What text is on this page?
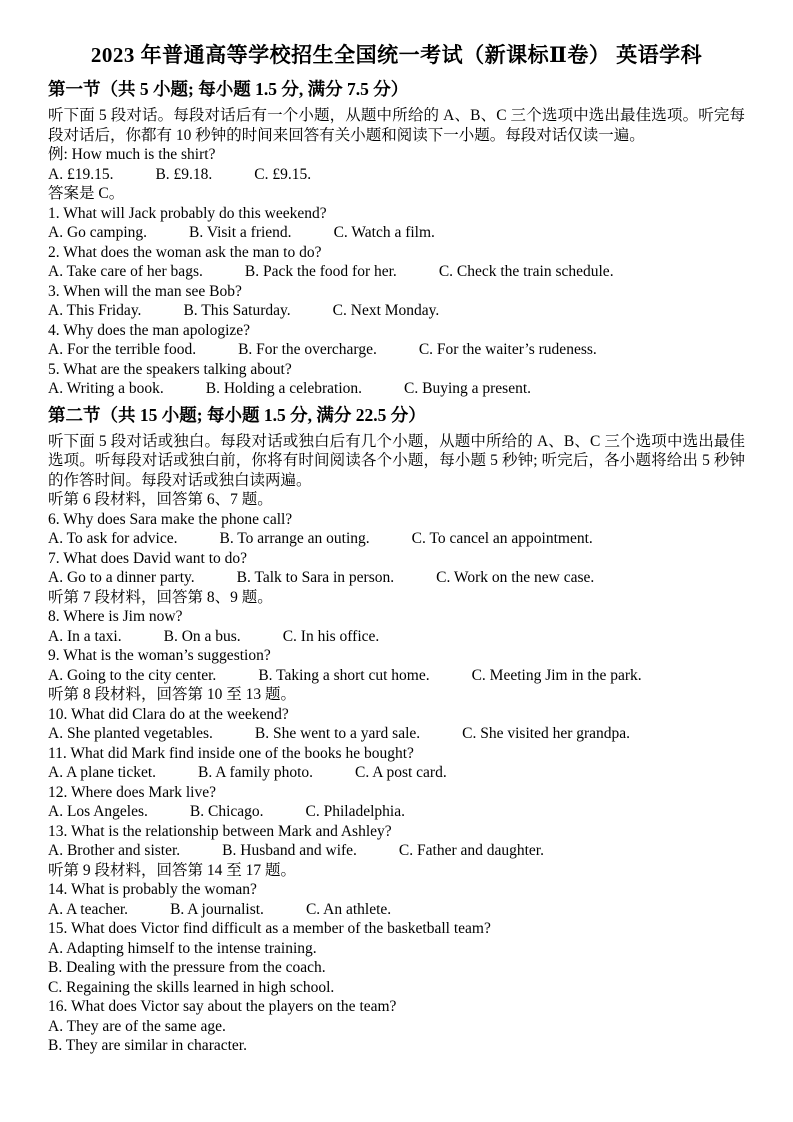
2023 年普通高等学校招生全国统一考试（新课标Ⅱ卷） 英语学科
第一节（共 5 小题; 每小题 1.5 分, 满分 7.5 分）
听下面 5 段对话。每段对话后有一个小题，从题中所给的 A、B、C 三个选项中选出最佳选项。听完每段对话后，你都有 10 秒钟的时间来回答有关小题和阅读下一小题。每段对话仅读一遍。
例: How much is the shirt?
A. £19.15.	B. £9.18.	C. £9.15.
答案是 C。
1. What will Jack probably do this weekend?
A. Go camping.	B. Visit a friend.	C. Watch a film.
2. What does the woman ask the man to do?
A. Take care of her bags.	B. Pack the food for her.	C. Check the train schedule.
3. When will the man see Bob?
A. This Friday.	B. This Saturday.	C. Next Monday.
4. Why does the man apologize?
A. For the terrible food.	B. For the overcharge.	C. For the waiter’s rudeness.
5. What are the speakers talking about?
A. Writing a book.	B. Holding a celebration.	C. Buying a present.
第二节（共 15 小题; 每小题 1.5 分, 满分 22.5 分）
听下面 5 段对话或独白。每段对话或独白后有几个小题，从题中所给的 A、B、C 三个选项中选出最佳选项。听每段对话或独白前，你将有时间阅读各个小题，每小题 5 秒钟; 听完后，各小题将给出 5 秒钟的作答时间。每段对话或独白读两遍。
听第 6 段材料，回答第 6、7 题。
6. Why does Sara make the phone call?
A. To ask for advice.	B. To arrange an outing.	C. To cancel an appointment.
7. What does David want to do?
A. Go to a dinner party.	B. Talk to Sara in person.	C. Work on the new case.
听第 7 段材料，回答第 8、9 题。
8. Where is Jim now?
A. In a taxi.	B. On a bus.	C. In his office.
9. What is the woman’s suggestion?
A. Going to the city center.	B. Taking a short cut home.	C. Meeting Jim in the park.
听第 8 段材料，回答第 10 至 13 题。
10. What did Clara do at the weekend?
A. She planted vegetables.	B. She went to a yard sale.	C. She visited her grandpa.
11. What did Mark find inside one of the books he bought?
A. A plane ticket.	B. A family photo.	C. A post card.
12. Where does Mark live?
A. Los Angeles.	B. Chicago.	C. Philadelphia.
13. What is the relationship between Mark and Ashley?
A. Brother and sister.	B. Husband and wife.	C. Father and daughter.
听第 9 段材料，回答第 14 至 17 题。
14. What is probably the woman?
A. A teacher.	B. A journalist.	C. An athlete.
15. What does Victor find difficult as a member of the basketball team?
A. Adapting himself to the intense training.
B. Dealing with the pressure from the coach.
C. Regaining the skills learned in high school.
16. What does Victor say about the players on the team?
A. They are of the same age.
B. They are similar in character.
